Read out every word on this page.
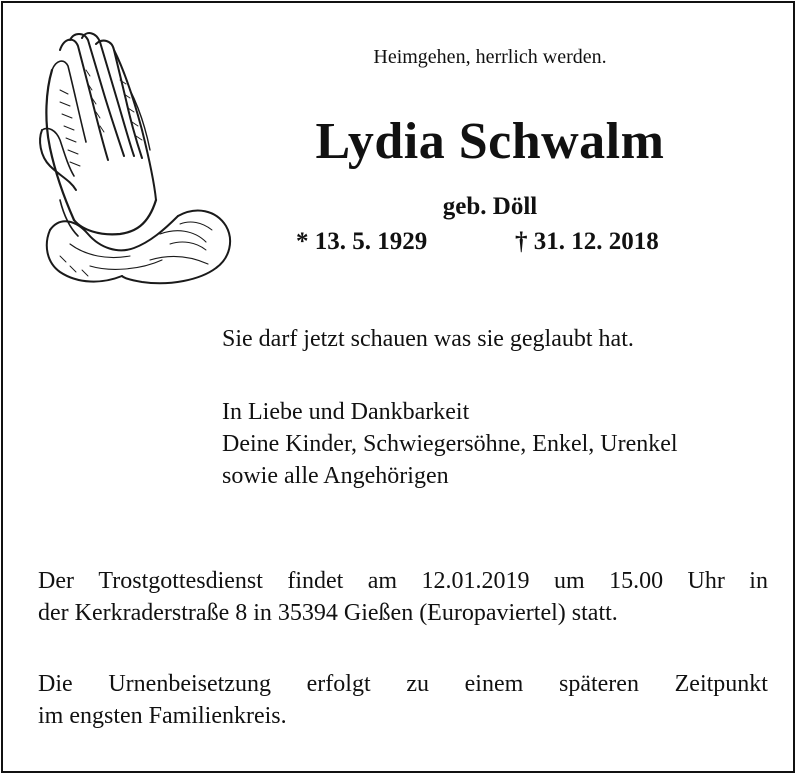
Heimgehen, herrlich werden.
Lydia Schwalm
geb. Döll
* 13. 5. 1929	† 31. 12. 2018
Sie darf jetzt schauen was sie geglaubt hat.
In Liebe und Dankbarkeit
Deine Kinder, Schwiegersöhne, Enkel, Urenkel
sowie alle Angehörigen
Der Trostgottesdienst findet am 12.01.2019 um 15.00 Uhr in
der Kerkraderstraße 8 in 35394 Gießen (Europaviertel) statt.
Die Urnenbeisetzung erfolgt zu einem späteren Zeitpunkt
im engsten Familienkreis.
